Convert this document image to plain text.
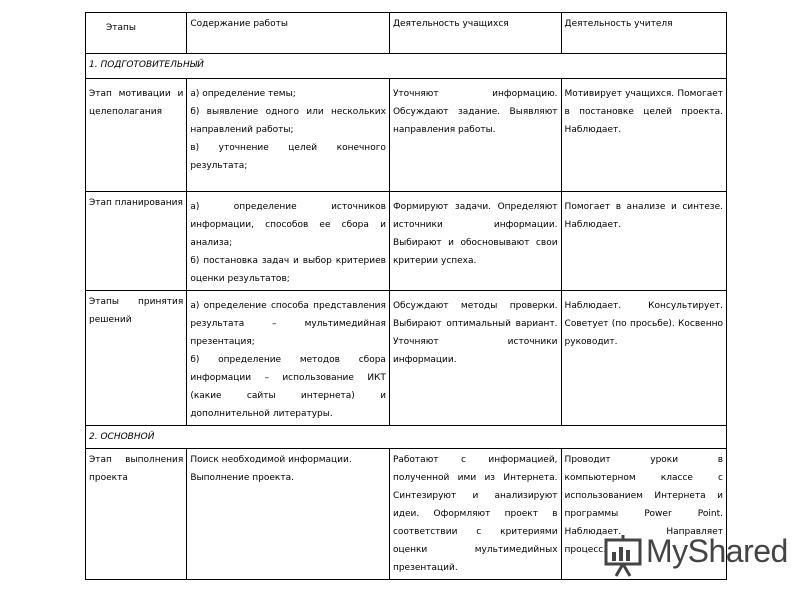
Этапы	Содержание работы	Деятельность учащихся	Деятельность учителя
1. ПОДГОТОВИТЕЛЬНЫЙ			
Этап мотивации и целеполагания	а) определение темы;
б) выявление одного или нескольких направлений работы;
в) уточнение целей конечного результата;	Уточняют информацию. Обсуждают задание. Выявляют направления работы.	Мотивирует учащихся. Помогает в постановке целей проекта. Наблюдает.
Этап планирования	а) определение источников информации, способов ее сбора и анализа;
б) постановка задач и выбор критериев оценки результатов;	Формируют задачи. Определяют источники информации. Выбирают и обосновывают свои критерии успеха.	Помогает в анализе и синтезе. Наблюдает.
Этапы принятия решений	а) определение способа представления результата – мультимедийная презентация;
б) определение методов сбора информации – использование ИКТ (какие сайты интернета) и дополнительной литературы.	Обсуждают методы проверки. Выбирают оптимальный вариант. Уточняют источники информации.	Наблюдает. Консультирует. Советует (по просьбе). Косвенно руководит.
2. ОСНОВНОЙ			
Этап выполнения проекта	Поиск необходимой информации.
Выполнение проекта.	Работают с информацией, полученной ими из Интернета. Синтезируют и анализируют идеи. Оформляют проект в соответствии с критериями оценки мультимедийных презентаций.	Проводит уроки в компьютерном классе с использованием Интернета и программы Power Point. Наблюдает. Направляет процесс. MyShared
